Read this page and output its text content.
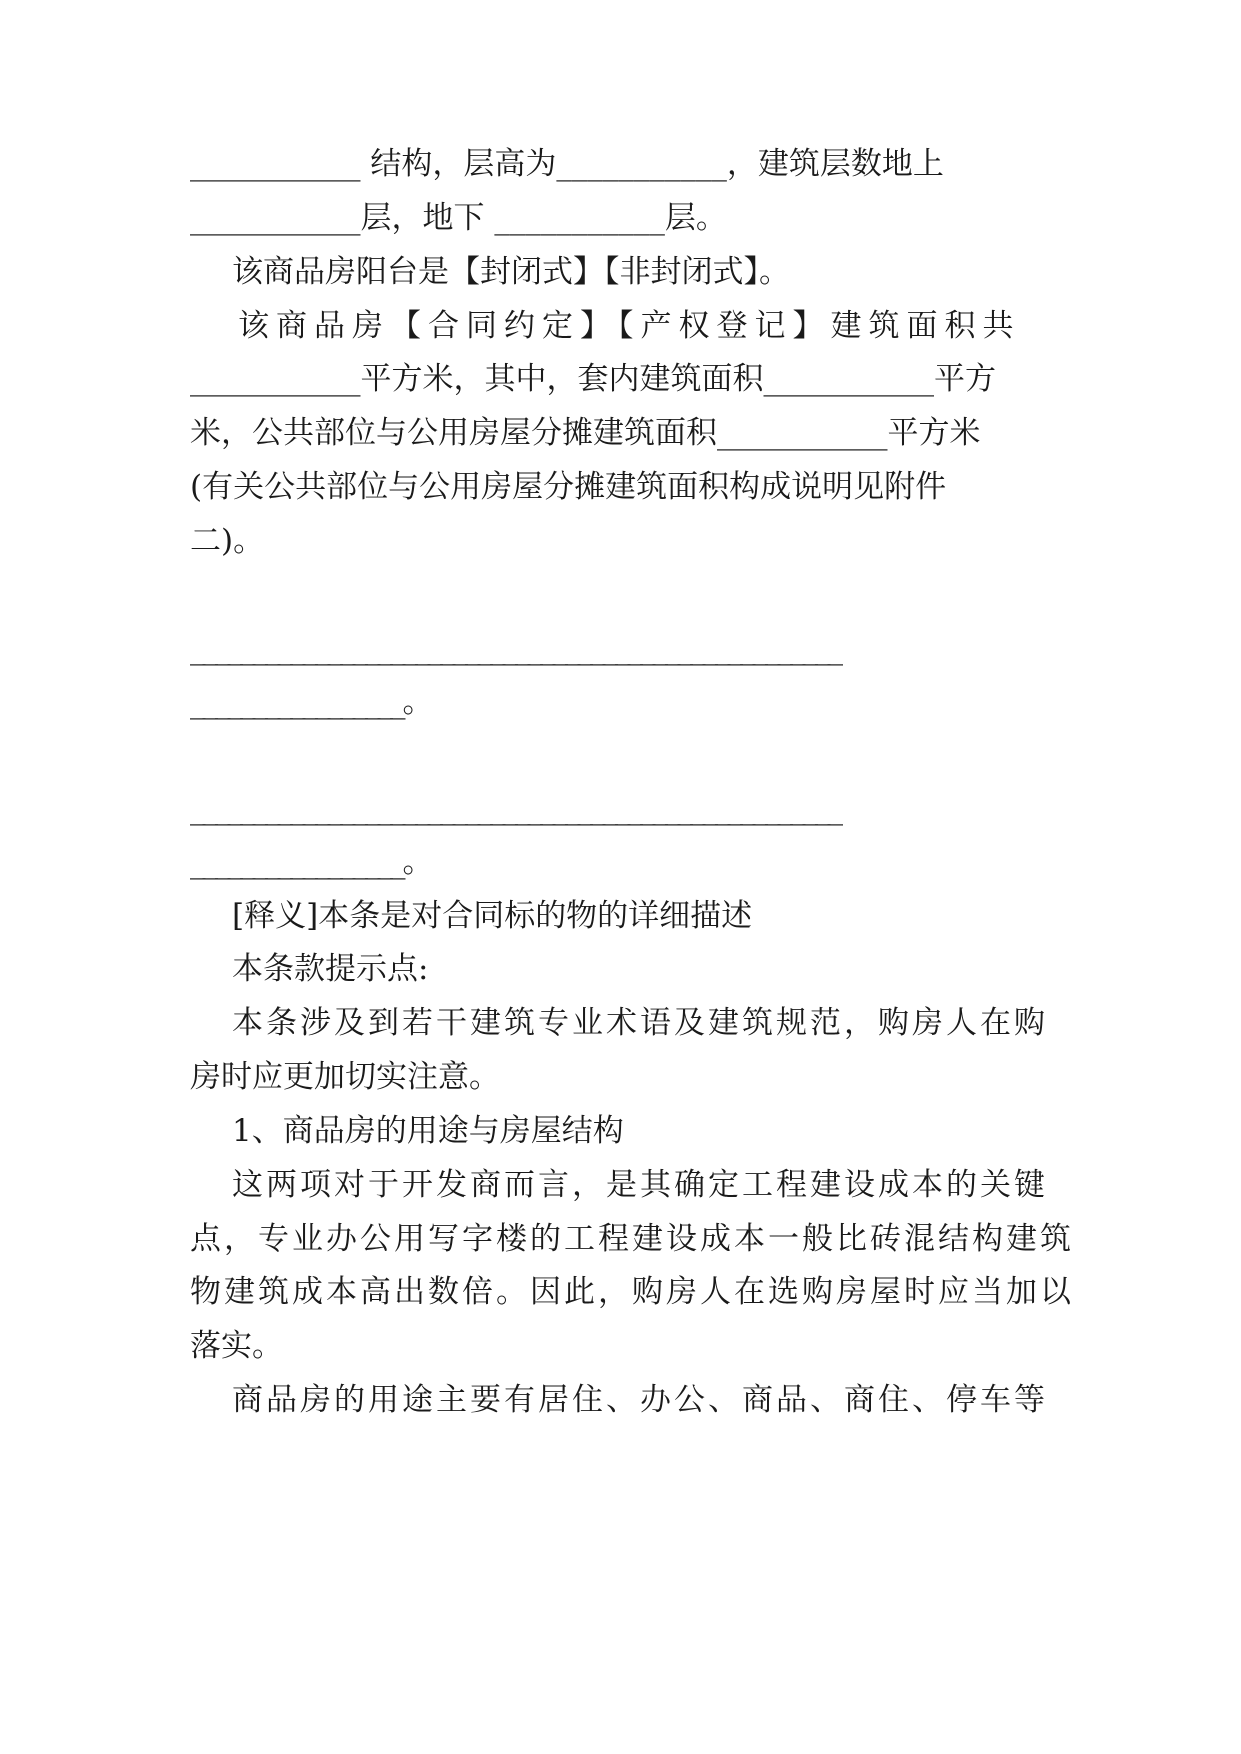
___________ 结构，层高为___________，建筑层数地上
___________层，地下 ___________层。
该商品房阳台是【封闭式】【非封闭式】。
该商品房【合同约定】【产权登记】建筑面积共
___________平方米，其中，套内建筑面积___________平方
米，公共部位与公用房屋分摊建筑面积___________平方米
(有关公共部位与公用房屋分摊建筑面积构成说明见附件
二)。
____________________________________________________
_________________。
____________________________________________________
_________________。
[释义]本条是对合同标的物的详细描述
本条款提示点:
本条涉及到若干建筑专业术语及建筑规范，购房人在购
房时应更加切实注意。
1、商品房的用途与房屋结构
这两项对于开发商而言，是其确定工程建设成本的关键
点，专业办公用写字楼的工程建设成本一般比砖混结构建筑
物建筑成本高出数倍。因此，购房人在选购房屋时应当加以
落实。
商品房的用途主要有居住、办公、商品、商住、停车等
